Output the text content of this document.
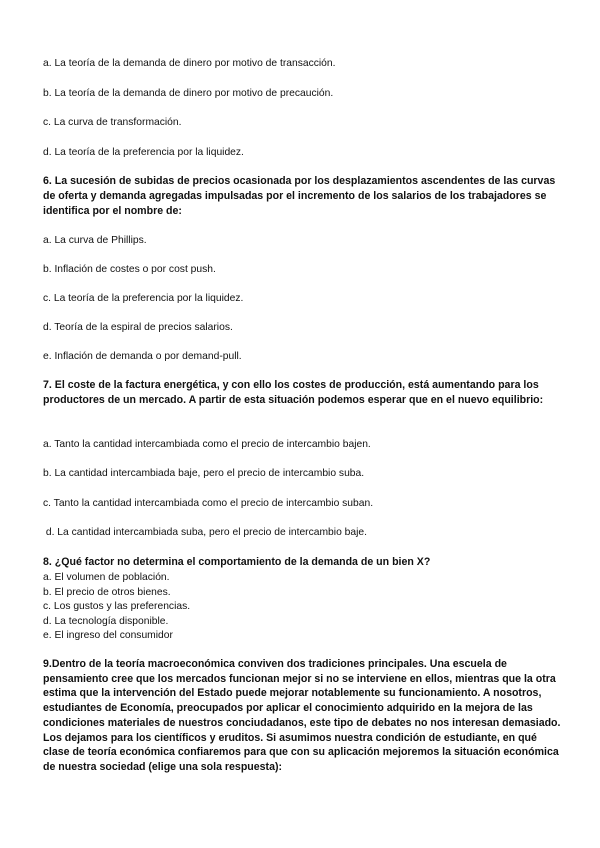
a. La teoría de la demanda de dinero por motivo de transacción.
b. La teoría de la demanda de dinero por motivo de precaución.
c. La curva de transformación.
d. La teoría de la preferencia por la liquidez.
6. La sucesión de subidas de precios ocasionada por los desplazamientos ascendentes de las curvas de oferta y demanda agregadas impulsadas por el incremento de los salarios de los trabajadores se identifica por el nombre de:
a. La curva de Phillips.
b. Inflación de costes o por cost push.
c. La teoría de la preferencia por la liquidez.
d. Teoría de la espiral de precios salarios.
e. Inflación de demanda o por demand-pull.
7. El coste de la factura energética, y con ello los costes de producción, está aumentando para los productores de un mercado. A partir de esta situación podemos esperar que en el nuevo equilibrio:
a. Tanto la cantidad intercambiada como el precio de intercambio bajen.
b. La cantidad intercambiada baje, pero el precio de intercambio suba.
c. Tanto la cantidad intercambiada como el precio de intercambio suban.
d. La cantidad intercambiada suba, pero el precio de intercambio baje.
8. ¿Qué factor no determina el comportamiento de la demanda de un bien X?
a. El volumen de población.
b. El precio de otros bienes.
c. Los gustos y las preferencias.
d. La tecnología disponible.
e. El ingreso del consumidor
9.Dentro de la teoría macroeconómica conviven dos tradiciones principales. Una escuela de pensamiento cree que los mercados funcionan mejor si no se interviene en ellos, mientras que la otra estima que la intervención del Estado puede mejorar notablemente su funcionamiento. A nosotros, estudiantes de Economía, preocupados por aplicar el conocimiento adquirido en la mejora de las condiciones materiales de nuestros conciudadanos, este tipo de debates no nos interesan demasiado. Los dejamos para los científicos y eruditos. Si asumimos nuestra condición de estudiante, en qué clase de teoría económica confiaremos para que con su aplicación mejoremos la situación económica de nuestra sociedad (elige una sola respuesta):
